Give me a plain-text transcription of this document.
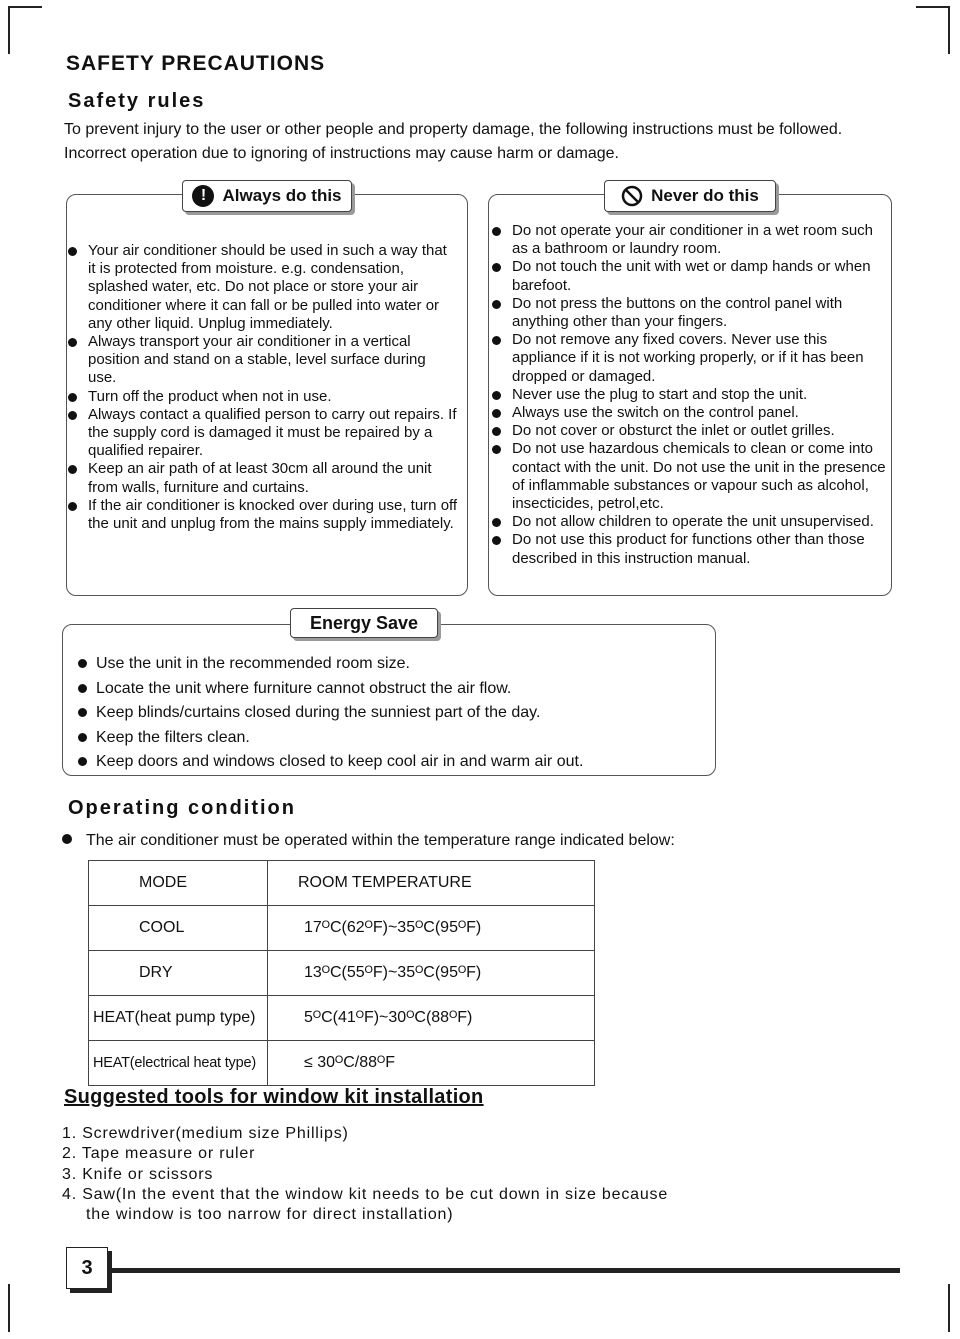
SAFETY PRECAUTIONS
Safety rules

To prevent injury to the user or other people and property damage, the following instructions must be followed. Incorrect operation due to ignoring of instructions may cause harm or damage.

! Always do this
Your air conditioner should be used in such a way that it is protected from moisture. e.g. condensation, splashed water, etc. Do not place or store your air conditioner where it can fall or be pulled into water or any other liquid. Unplug immediately.
Always transport your air conditioner in a vertical position and stand on a stable, level surface during use.
Turn off the product when not in use.
Always contact a qualified person to carry out repairs. If the supply cord is damaged it must be repaired by a qualified repairer.
Keep an air path of at least 30cm all around the unit from walls, furniture and curtains.
If the air conditioner is knocked over during use, turn off the unit and unplug from the mains supply immediately.
Never do this
Do not operate your air conditioner in a wet room such as a bathroom or laundry room.
Do not touch the unit with wet or damp hands or when barefoot.
Do not press the buttons on the control panel with anything other than your fingers.
Do not remove any fixed covers. Never use this appliance if it is not working properly, or if it has been dropped or damaged.
Never use the plug to start and stop the unit.
Always use the switch on the control panel.
Do not cover or obsturct the inlet or outlet grilles.
Do not use hazardous chemicals to clean or come into contact with the unit. Do not use the unit in the presence of inflammable substances or vapour such as alcohol, insecticides, petrol,etc.
Do not allow children to operate the unit unsupervised.
Do not use this product for functions other than those described in this instruction manual.
Energy Save
Use the unit in the recommended room size.
Locate the unit where furniture cannot obstruct the air flow.
Keep blinds/curtains closed during the sunniest part of the day.
Keep the filters clean.
Keep doors and windows closed to keep cool air in and warm air out.
Operating condition
The air conditioner must be operated within the temperature range indicated below:
MODE	ROOM TEMPERATURE
COOL	17ᴼC(62ᴼF)~35ᴼC(95ᴼF)
DRY	13ᴼC(55ᴼF)~35ᴼC(95ᴼF)
HEAT(heat pump type)	5ᴼC(41ᴼF)~30ᴼC(88ᴼF)
HEAT(electrical heat type)	≤ 30ᴼC/88ᴼF
Suggested tools for window kit installation
1. Screwdriver(medium size Phillips)
2. Tape measure or ruler
3. Knife or scissors
4. Saw(In the event that the window kit needs to be cut down in size because
the window is too narrow for direct installation)
3
